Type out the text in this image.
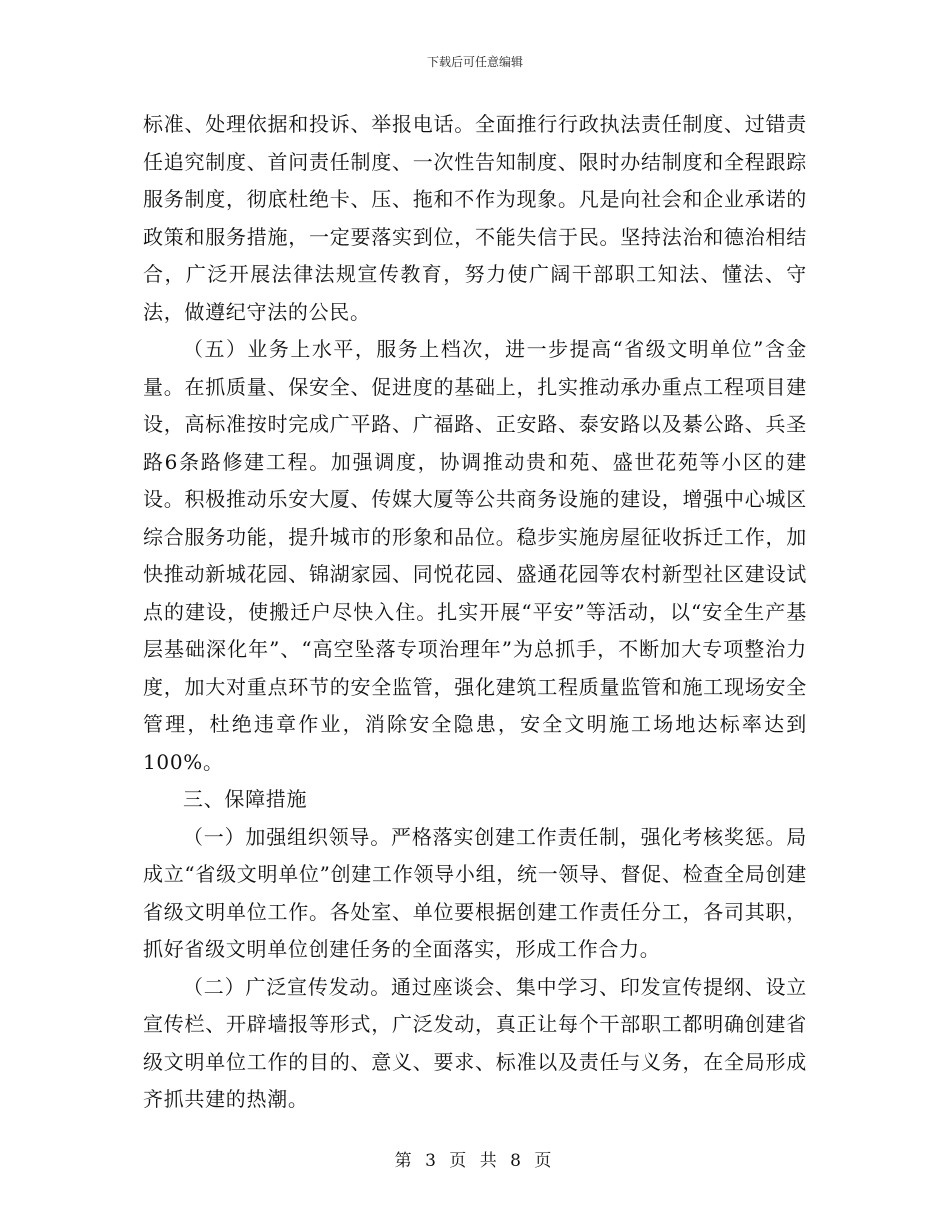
下载后可任意编辑

标准、处理依据和投诉、举报电话。全面推行行政执法责任制度、过错责任追究制度、首问责任制度、一次性告知制度、限时办结制度和全程跟踪服务制度，彻底杜绝卡、压、拖和不作为现象。凡是向社会和企业承诺的政策和服务措施，一定要落实到位，不能失信于民。坚持法治和德治相结合，广泛开展法律法规宣传教育，努力使广阔干部职工知法、懂法、守法，做遵纪守法的公民。

（五）业务上水平，服务上档次，进一步提高“省级文明单位”含金量。在抓质量、保安全、促进度的基础上，扎实推动承办重点工程项目建设，高标准按时完成广平路、广福路、正安路、泰安路以及綦公路、兵圣路6条路修建工程。加强调度，协调推动贵和苑、盛世花苑等小区的建设。积极推动乐安大厦、传媒大厦等公共商务设施的建设，增强中心城区综合服务功能，提升城市的形象和品位。稳步实施房屋征收拆迁工作，加快推动新城花园、锦湖家园、同悦花园、盛通花园等农村新型社区建设试点的建设，使搬迁户尽快入住。扎实开展“平安”等活动，以“安全生产基层基础深化年”、“高空坠落专项治理年”为总抓手，不断加大专项整治力度，加大对重点环节的安全监管，强化建筑工程质量监管和施工现场安全管理，杜绝违章作业，消除安全隐患，安全文明施工场地达标率达到100%。

三、保障措施

（一）加强组织领导。严格落实创建工作责任制，强化考核奖惩。局成立“省级文明单位”创建工作领导小组，统一领导、督促、检查全局创建省级文明单位工作。各处室、单位要根据创建工作责任分工，各司其职，抓好省级文明单位创建任务的全面落实，形成工作合力。

（二）广泛宣传发动。通过座谈会、集中学习、印发宣传提纲、设立宣传栏、开辟墙报等形式，广泛发动，真正让每个干部职工都明确创建省级文明单位工作的目的、意义、要求、标准以及责任与义务，在全局形成齐抓共建的热潮。

第 3 页 共 8 页
